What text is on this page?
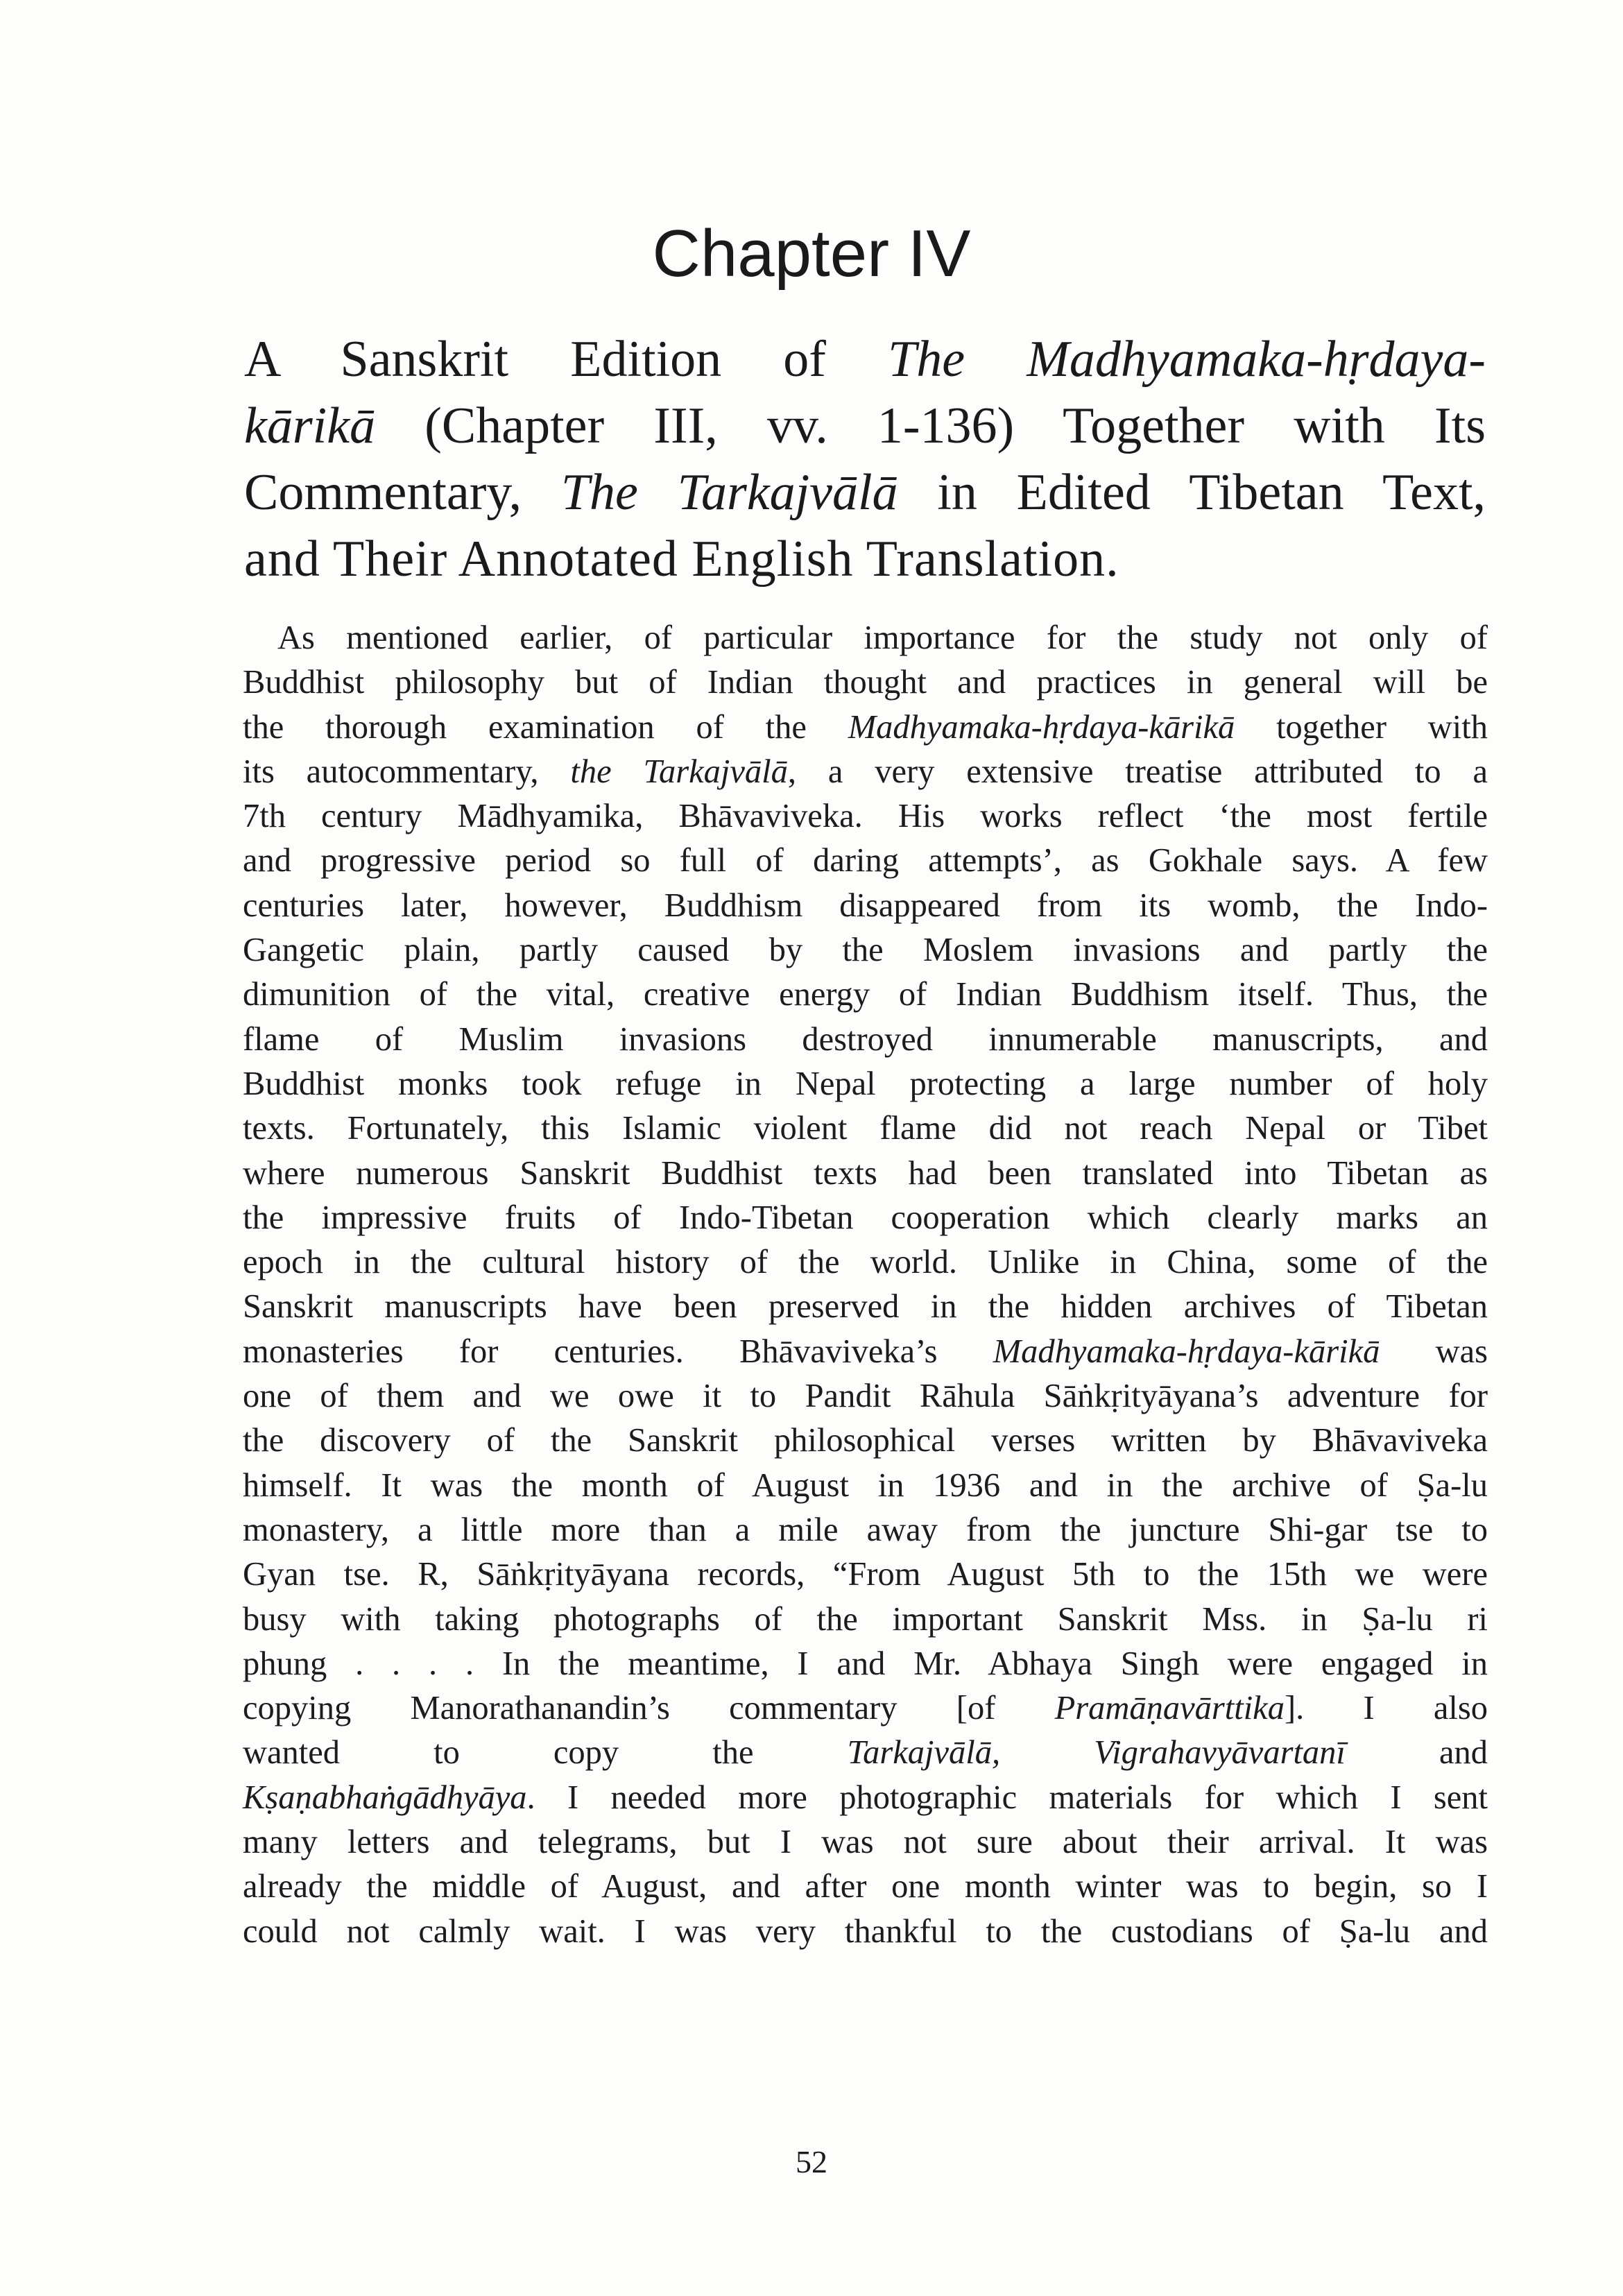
Chapter IV
A Sanskrit Edition of The Madhyamaka-hṛdaya-
kārikā (Chapter III, vv. 1-136) Together with Its
Commentary, The Tarkajvālā in Edited Tibetan Text,
and Their Annotated English Translation.
As mentioned earlier, of particular importance for the study not only of
Buddhist philosophy but of Indian thought and practices in general will be
the thorough examination of the Madhyamaka-hṛdaya-kārikā together with
its autocommentary, the Tarkajvālā, a very extensive treatise attributed to a
7th century Mādhyamika, Bhāvaviveka. His works reflect ‘the most fertile
and progressive period so full of daring attempts’, as Gokhale says. A few
centuries later, however, Buddhism disappeared from its womb, the Indo-
Gangetic plain, partly caused by the Moslem invasions and partly the
dimunition of the vital, creative energy of Indian Buddhism itself. Thus, the
flame of Muslim invasions destroyed innumerable manuscripts, and
Buddhist monks took refuge in Nepal protecting a large number of holy
texts. Fortunately, this Islamic violent flame did not reach Nepal or Tibet
where numerous Sanskrit Buddhist texts had been translated into Tibetan as
the impressive fruits of Indo-Tibetan cooperation which clearly marks an
epoch in the cultural history of the world. Unlike in China, some of the
Sanskrit manuscripts have been preserved in the hidden archives of Tibetan
monasteries for centuries. Bhāvaviveka’s Madhyamaka-hṛdaya-kārikā was
one of them and we owe it to Pandit Rāhula Sāṅkṛityāyana’s adventure for
the discovery of the Sanskrit philosophical verses written by Bhāvaviveka
himself. It was the month of August in 1936 and in the archive of Ṣa-lu
monastery, a little more than a mile away from the juncture Shi-gar tse to
Gyan tse. R, Sāṅkṛityāyana records, “From August 5th to the 15th we were
busy with taking photographs of the important Sanskrit Mss. in Ṣa-lu ri
phung . . . . In the meantime, I and Mr. Abhaya Singh were engaged in
copying Manorathanandin’s commentary [of Pramāṇavārttika]. I also
wanted to copy the Tarkajvālā, Vigrahavyāvartanī and
Kṣaṇabhaṅgādhyāya. I needed more photographic materials for which I sent
many letters and telegrams, but I was not sure about their arrival. It was
already the middle of August, and after one month winter was to begin, so I
could not calmly wait. I was very thankful to the custodians of Ṣa-lu and
52
